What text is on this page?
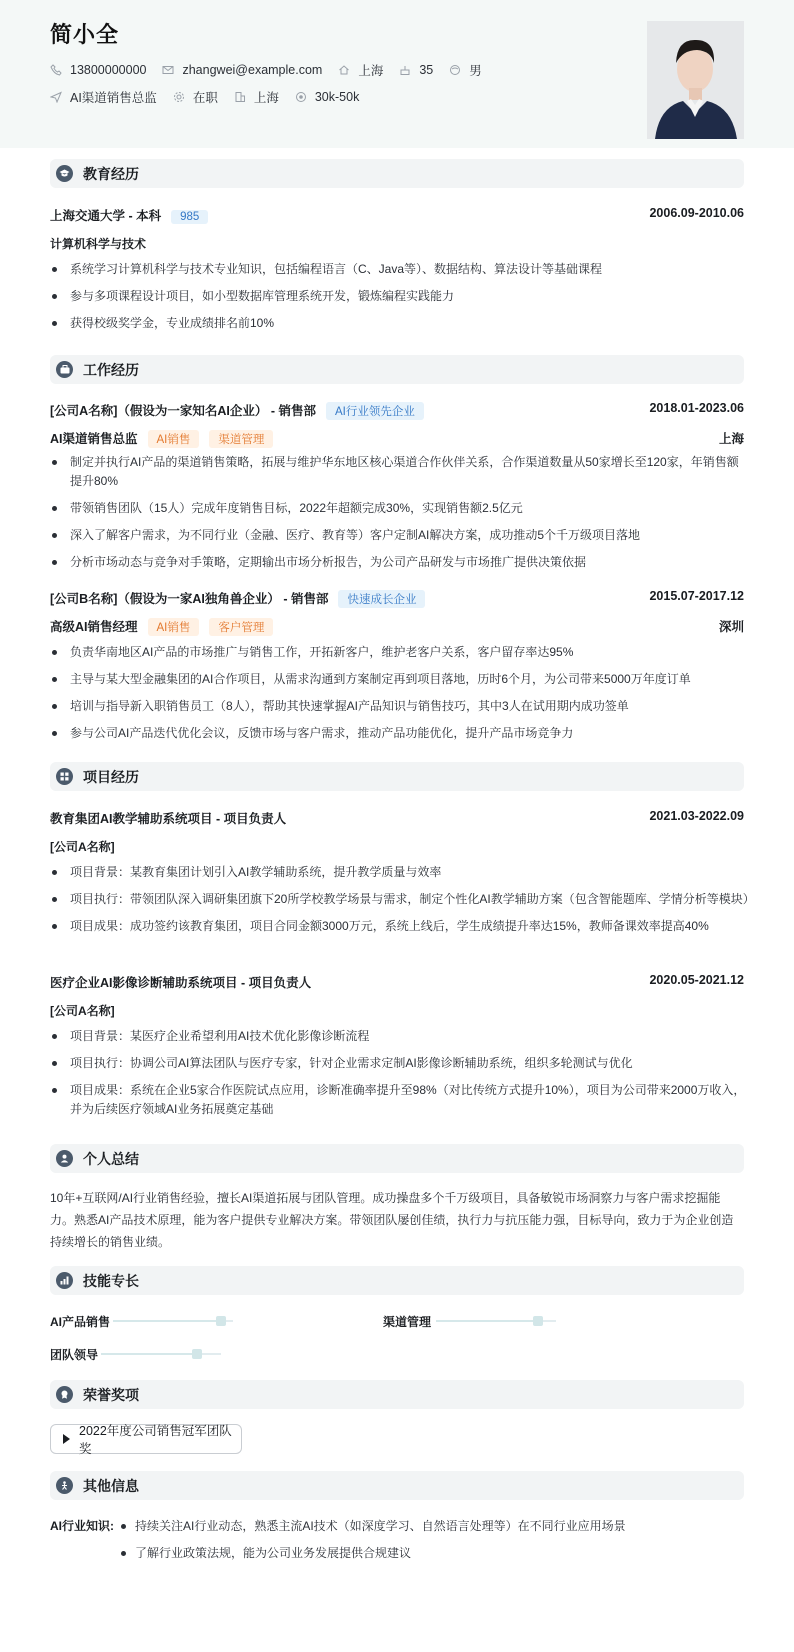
简小全
13800000000	zhangwei@example.com	上海	35	男
AI渠道销售总监	在职	上海	30k-50k
教育经历
上海交通大学 - 本科 985	2006.09-2010.06
计算机科学与技术
系统学习计算机科学与技术专业知识，包括编程语言（C、Java等）、数据结构、算法设计等基础课程
参与多项课程设计项目，如小型数据库管理系统开发，锻炼编程实践能力
获得校级奖学金，专业成绩排名前10%
工作经历
[公司A名称]（假设为一家知名AI企业） - 销售部 AI行业领先企业	2018.01-2023.06
AI渠道销售总监 AI销售 渠道管理	上海
制定并执行AI产品的渠道销售策略，拓展与维护华东地区核心渠道合作伙伴关系，合作渠道数量从50家增长至120家，年销售额提升80%
带领销售团队（15人）完成年度销售目标，2022年超额完成30%，实现销售额2.5亿元
深入了解客户需求，为不同行业（金融、医疗、教育等）客户定制AI解决方案，成功推动5个千万级项目落地
分析市场动态与竞争对手策略，定期输出市场分析报告，为公司产品研发与市场推广提供决策依据
[公司B名称]（假设为一家AI独角兽企业） - 销售部 快速成长企业	2015.07-2017.12
高级AI销售经理 AI销售 客户管理	深圳
负责华南地区AI产品的市场推广与销售工作，开拓新客户，维护老客户关系，客户留存率达95%
主导与某大型金融集团的AI合作项目，从需求沟通到方案制定再到项目落地，历时6个月，为公司带来5000万年度订单
培训与指导新入职销售员工（8人），帮助其快速掌握AI产品知识与销售技巧，其中3人在试用期内成功签单
参与公司AI产品迭代优化会议，反馈市场与客户需求，推动产品功能优化，提升产品市场竞争力
项目经历
教育集团AI教学辅助系统项目 - 项目负责人	2021.03-2022.09
[公司A名称]
项目背景：某教育集团计划引入AI教学辅助系统，提升教学质量与效率
项目执行：带领团队深入调研集团旗下20所学校教学场景与需求，制定个性化AI教学辅助方案（包含智能题库、学情分析等模块）
项目成果：成功签约该教育集团，项目合同金额3000万元，系统上线后，学生成绩提升率达15%，教师备课效率提高40%
医疗企业AI影像诊断辅助系统项目 - 项目负责人	2020.05-2021.12
[公司A名称]
项目背景：某医疗企业希望利用AI技术优化影像诊断流程
项目执行：协调公司AI算法团队与医疗专家，针对企业需求定制AI影像诊断辅助系统，组织多轮测试与优化
项目成果：系统在企业5家合作医院试点应用，诊断准确率提升至98%（对比传统方式提升10%），项目为公司带来2000万收入，并为后续医疗领域AI业务拓展奠定基础
个人总结
10年+互联网/AI行业销售经验，擅长AI渠道拓展与团队管理。成功操盘多个千万级项目，具备敏锐市场洞察力与客户需求挖掘能力。熟悉AI产品技术原理，能为客户提供专业解决方案。带领团队屡创佳绩，执行力与抗压能力强，目标导向，致力于为企业创造持续增长的销售业绩。
技能专长
AI产品销售	渠道管理
团队领导
荣誉奖项
2022年度公司销售冠军团队奖
其他信息
AI行业知识:	持续关注AI行业动态，熟悉主流AI技术（如深度学习、自然语言处理等）在不同行业应用场景
了解行业政策法规，能为公司业务发展提供合规建议
